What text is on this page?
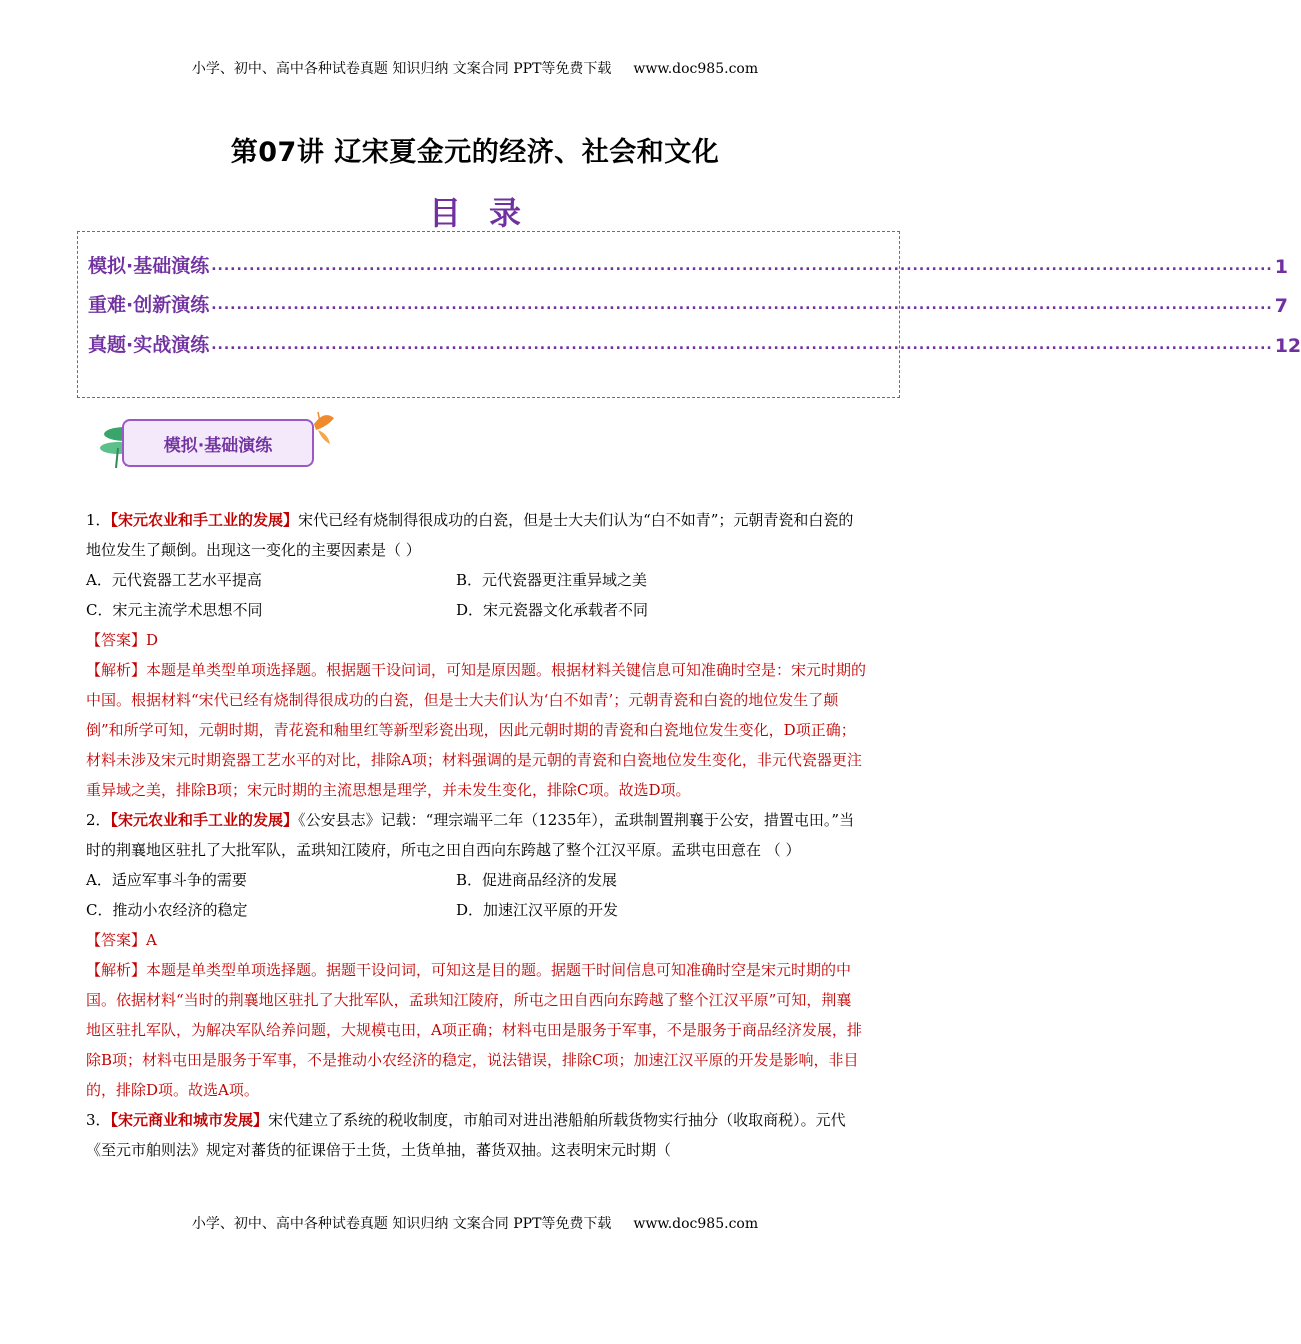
小学、初中、高中各种试卷真题 知识归纳 文案合同 PPT等免费下载 www.doc985.com
第07讲 辽宋夏金元的经济、社会和文化
目录
模拟·基础演练 ........................................................................................................................................................................ 1
重难·创新演练 ........................................................................................................................................................................ 7
真题·实战演练 ........................................................................................................................................................................ 12
模拟·基础演练

1．【宋元农业和手工业的发展】宋代已经有烧制得很成功的白瓷，但是士大夫们认为“白不如青”；元朝青瓷和白瓷的地位发生了颠倒。出现这一变化的主要因素是（ ）

A．元代瓷器工艺水平提高	B．元代瓷器更注重异域之美
C．宋元主流学术思想不同	D．宋元瓷器文化承载者不同

【答案】D

【解析】本题是单类型单项选择题。根据题干设问词，可知是原因题。根据材料关键信息可知准确时空是：宋元时期的中国。根据材料“宋代已经有烧制得很成功的白瓷，但是士大夫们认为‘白不如青’；元朝青瓷和白瓷的地位发生了颠倒”和所学可知，元朝时期，青花瓷和釉里红等新型彩瓷出现，因此元朝时期的青瓷和白瓷地位发生变化，D项正确；材料未涉及宋元时期瓷器工艺水平的对比，排除A项；材料强调的是元朝的青瓷和白瓷地位发生变化，非元代瓷器更注重异域之美，排除B项；宋元时期的主流思想是理学，并未发生变化，排除C项。故选D项。

2．【宋元农业和手工业的发展】《公安县志》记载：“理宗端平二年（1235年），孟珙制置荆襄于公安，措置屯田。”当时的荆襄地区驻扎了大批军队，孟珙知江陵府，所屯之田自西向东跨越了整个江汉平原。孟珙屯田意在 （ ）

A．适应军事斗争的需要	B．促进商品经济的发展
C．推动小农经济的稳定	D．加速江汉平原的开发

【答案】A

【解析】本题是单类型单项选择题。据题干设问词，可知这是目的题。据题干时间信息可知准确时空是宋元时期的中国。依据材料“当时的荆襄地区驻扎了大批军队，孟珙知江陵府，所屯之田自西向东跨越了整个江汉平原”可知，荆襄地区驻扎军队，为解决军队给养问题，大规模屯田，A项正确；材料屯田是服务于军事，不是服务于商品经济发展，排除B项；材料屯田是服务于军事，不是推动小农经济的稳定，说法错误，排除C项；加速江汉平原的开发是影响，非目的，排除D项。故选A项。

3．【宋元商业和城市发展】宋代建立了系统的税收制度，市舶司对进出港船舶所载货物实行抽分（收取商税）。元代《至元市舶则法》规定对蕃货的征课倍于土货，土货单抽，蕃货双抽。这表明宋元时期（

小学、初中、高中各种试卷真题 知识归纳 文案合同 PPT等免费下载 www.doc985.com
